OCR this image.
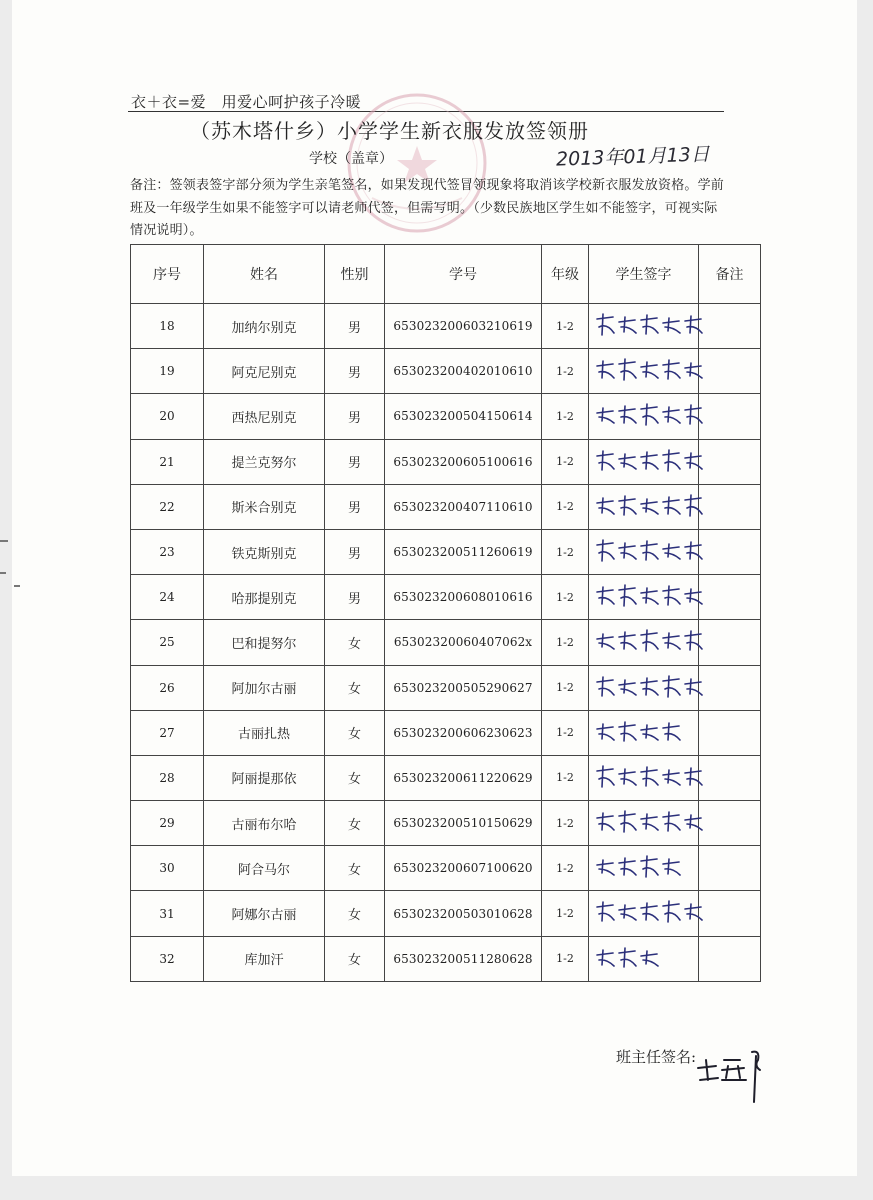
衣＋衣=爱　用爱心呵护孩子冷暖
（苏木塔什乡）小学学生新衣服发放签领册
学校（盖章）	2013年01月13日
备注：签领表签字部分须为学生亲笔签名，如果发现代签冒领现象将取消该学校新衣服发放资格。学前班及一年级学生如果不能签字可以请老师代签，但需写明。（少数民族地区学生如不能签字，可视实际情况说明）。
序号	姓名	性别	学号	年级	学生签字	备注
18	加纳尔别克	男	653023200603210619	1-2	

19	阿克尼别克	男	653023200402010610	1-2	

20	西热尼别克	男	653023200504150614	1-2	

21	提兰克努尔	男	653023200605100616	1-2	

22	斯米合别克	男	653023200407110610	1-2	

23	铁克斯别克	男	653023200511260619	1-2	

24	哈那提别克	男	653023200608010616	1-2	

25	巴和提努尔	女	65302320060407062x	1-2	

26	阿加尔古丽	女	653023200505290627	1-2	

27	古丽扎热	女	653023200606230623	1-2	

28	阿丽提那依	女	653023200611220629	1-2	

29	古丽布尔哈	女	653023200510150629	1-2	

30	阿合马尔	女	653023200607100620	1-2	

31	阿娜尔古丽	女	653023200503010628	1-2	

32	库加汗	女	653023200511280628	1-2	

班主任签名:
